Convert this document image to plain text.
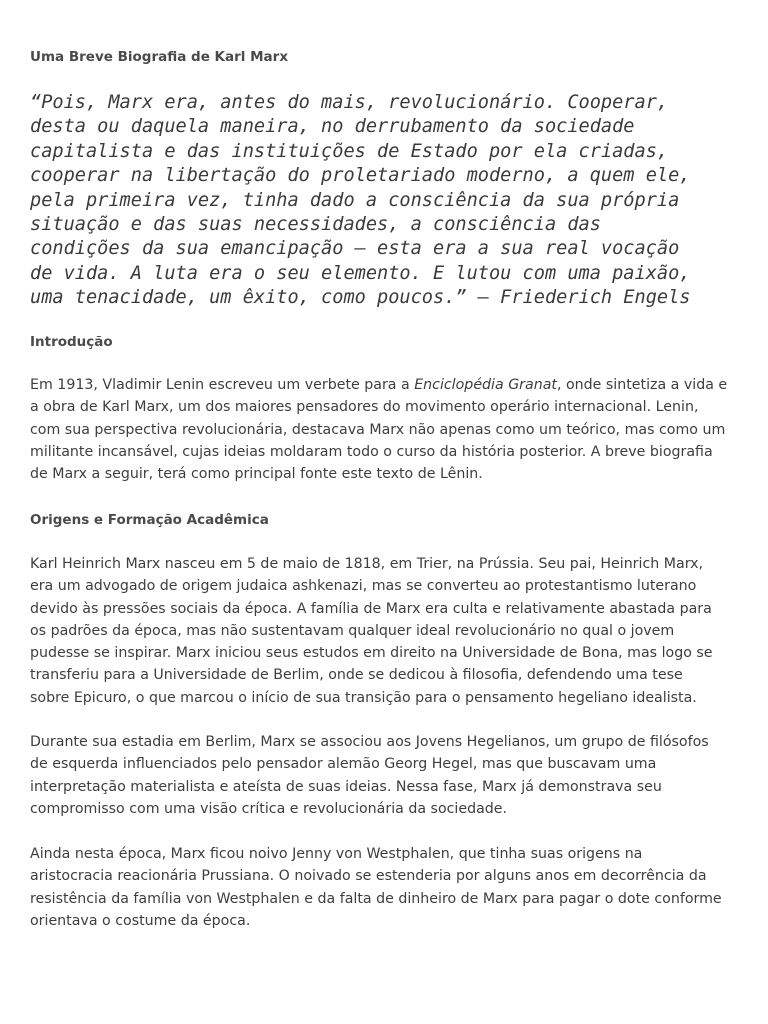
Uma Breve Biografia de Karl Marx
“Pois, Marx era, antes do mais, revolucionário. Cooperar,
desta ou daquela maneira, no derrubamento da sociedade
capitalista e das instituições de Estado por ela criadas,
cooperar na libertação do proletariado moderno, a quem ele,
pela primeira vez, tinha dado a consciência da sua própria
situação e das suas necessidades, a consciência das
condições da sua emancipação — esta era a sua real vocação
de vida. A luta era o seu elemento. E lutou com uma paixão,
uma tenacidade, um êxito, como poucos.” — Friederich Engels
Introdução
Em 1913, Vladimir Lenin escreveu um verbete para a Enciclopédia Granat, onde sintetiza a vida e
a obra de Karl Marx, um dos maiores pensadores do movimento operário internacional. Lenin,
com sua perspectiva revolucionária, destacava Marx não apenas como um teórico, mas como um
militante incansável, cujas ideias moldaram todo o curso da história posterior. A breve biografia
de Marx a seguir, terá como principal fonte este texto de Lênin.
Origens e Formação Acadêmica
Karl Heinrich Marx nasceu em 5 de maio de 1818, em Trier, na Prússia. Seu pai, Heinrich Marx,
era um advogado de origem judaica ashkenazi, mas se converteu ao protestantismo luterano
devido às pressões sociais da época. A família de Marx era culta e relativamente abastada para
os padrões da época, mas não sustentavam qualquer ideal revolucionário no qual o jovem
pudesse se inspirar. Marx iniciou seus estudos em direito na Universidade de Bona, mas logo se
transferiu para a Universidade de Berlim, onde se dedicou à filosofia, defendendo uma tese
sobre Epicuro, o que marcou o início de sua transição para o pensamento hegeliano idealista.
Durante sua estadia em Berlim, Marx se associou aos Jovens Hegelianos, um grupo de filósofos
de esquerda influenciados pelo pensador alemão Georg Hegel, mas que buscavam uma
interpretação materialista e ateísta de suas ideias. Nessa fase, Marx já demonstrava seu
compromisso com uma visão crítica e revolucionária da sociedade.
Ainda nesta época, Marx ficou noivo Jenny von Westphalen, que tinha suas origens na
aristocracia reacionária Prussiana. O noivado se estenderia por alguns anos em decorrência da
resistência da família von Westphalen e da falta de dinheiro de Marx para pagar o dote conforme
orientava o costume da época.
